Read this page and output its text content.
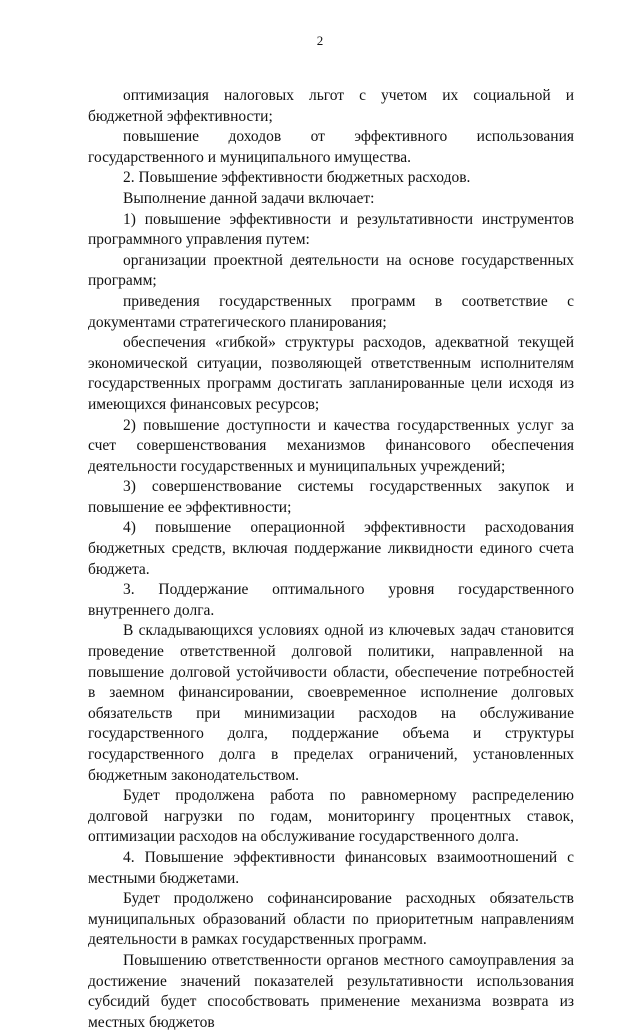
2

оптимизация налоговых льгот с учетом их социальной и бюджетной эффективности;

повышение доходов от эффективного использования государственного и муниципального имущества.

2. Повышение эффективности бюджетных расходов.

Выполнение данной задачи включает:

1) повышение эффективности и результативности инструментов программного управления путем:

организации проектной деятельности на основе государственных программ;

приведения государственных программ в соответствие с документами стратегического планирования;

обеспечения «гибкой» структуры расходов, адекватной текущей экономической ситуации, позволяющей ответственным исполнителям государственных программ достигать запланированные цели исходя из имеющихся финансовых ресурсов;

2) повышение доступности и качества государственных услуг за счет совершенствования механизмов финансового обеспечения деятельности государственных и муниципальных учреждений;

3) совершенствование системы государственных закупок и повышение ее эффективности;

4) повышение операционной эффективности расходования бюджетных средств, включая поддержание ликвидности единого счета бюджета.

3. Поддержание оптимального уровня государственного внутреннего долга.

В складывающихся условиях одной из ключевых задач становится проведение ответственной долговой политики, направленной на повышение долговой устойчивости области, обеспечение потребностей в заемном финансировании, своевременное исполнение долговых обязательств при минимизации расходов на обслуживание государственного долга, поддержание объема и структуры государственного долга в пределах ограничений, установленных бюджетным законодательством.

Будет продолжена работа по равномерному распределению долговой нагрузки по годам, мониторингу процентных ставок, оптимизации расходов на обслуживание государственного долга.

4. Повышение эффективности финансовых взаимоотношений с местными бюджетами.

Будет продолжено софинансирование расходных обязательств муниципальных образований области по приоритетным направлениям деятельности в рамках государственных программ.

Повышению ответственности органов местного самоуправления за достижение значений показателей результативности использования субсидий будет способствовать применение механизма возврата из местных бюджетов
